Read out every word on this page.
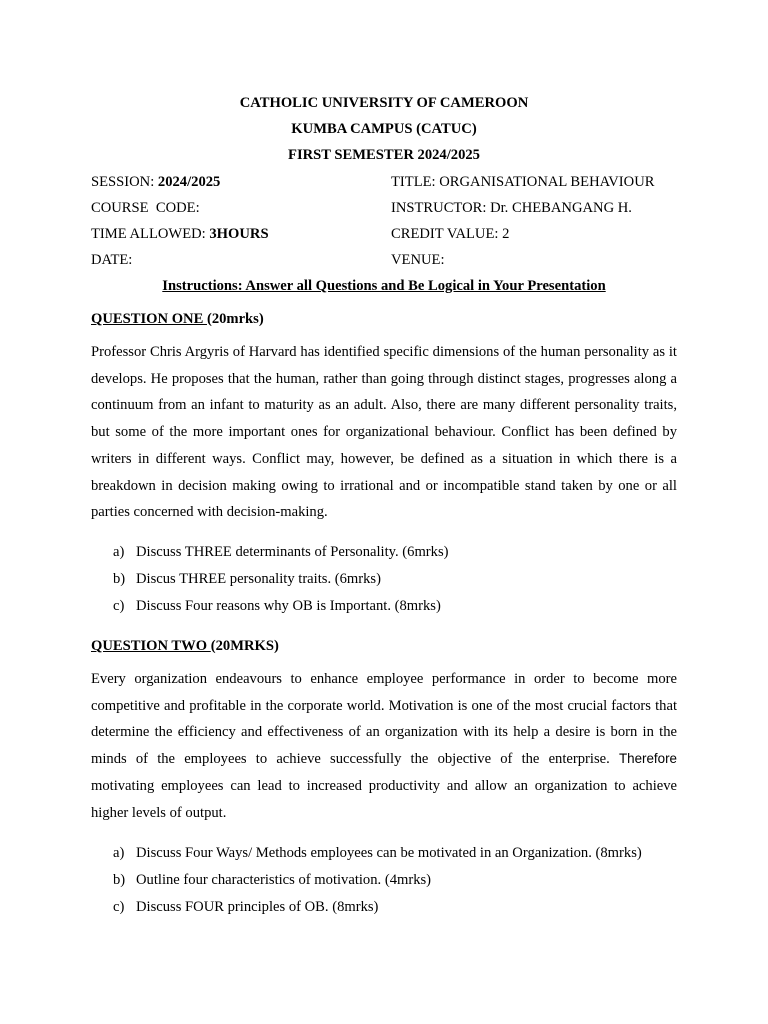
CATHOLIC UNIVERSITY OF CAMEROON
KUMBA CAMPUS (CATUC)
FIRST SEMESTER 2024/2025
SESSION: 2024/2025	TITLE: ORGANISATIONAL BEHAVIOUR
COURSE  CODE:	INSTRUCTOR: Dr. CHEBANGANG H.
TIME ALLOWED: 3HOURS	CREDIT VALUE: 2
DATE:	VENUE:
Instructions: Answer all Questions and Be Logical in Your Presentation
QUESTION ONE (20mrks)
Professor Chris Argyris of Harvard has identified specific dimensions of the human personality as it develops. He proposes that the human, rather than going through distinct stages, progresses along a continuum from an infant to maturity as an adult. Also, there are many different personality traits, but some of the more important ones for organizational behaviour. Conflict has been defined by writers in different ways. Conflict may, however, be defined as a situation in which there is a breakdown in decision making owing to irrational and or incompatible stand taken by one or all parties concerned with decision-making.
a) Discuss THREE determinants of Personality. (6mrks)
b) Discus THREE personality traits. (6mrks)
c) Discuss Four reasons why OB is Important. (8mrks)
QUESTION TWO (20MRKS)
Every organization endeavours to enhance employee performance in order to become more competitive and profitable in the corporate world. Motivation is one of the most crucial factors that determine the efficiency and effectiveness of an organization with its help a desire is born in the minds of the employees to achieve successfully the objective of the enterprise. Therefore motivating employees can lead to increased productivity and allow an organization to achieve higher levels of output.
a) Discuss Four Ways/ Methods employees can be motivated in an Organization. (8mrks)
b) Outline four characteristics of motivation. (4mrks)
c) Discuss FOUR principles of OB. (8mrks)
